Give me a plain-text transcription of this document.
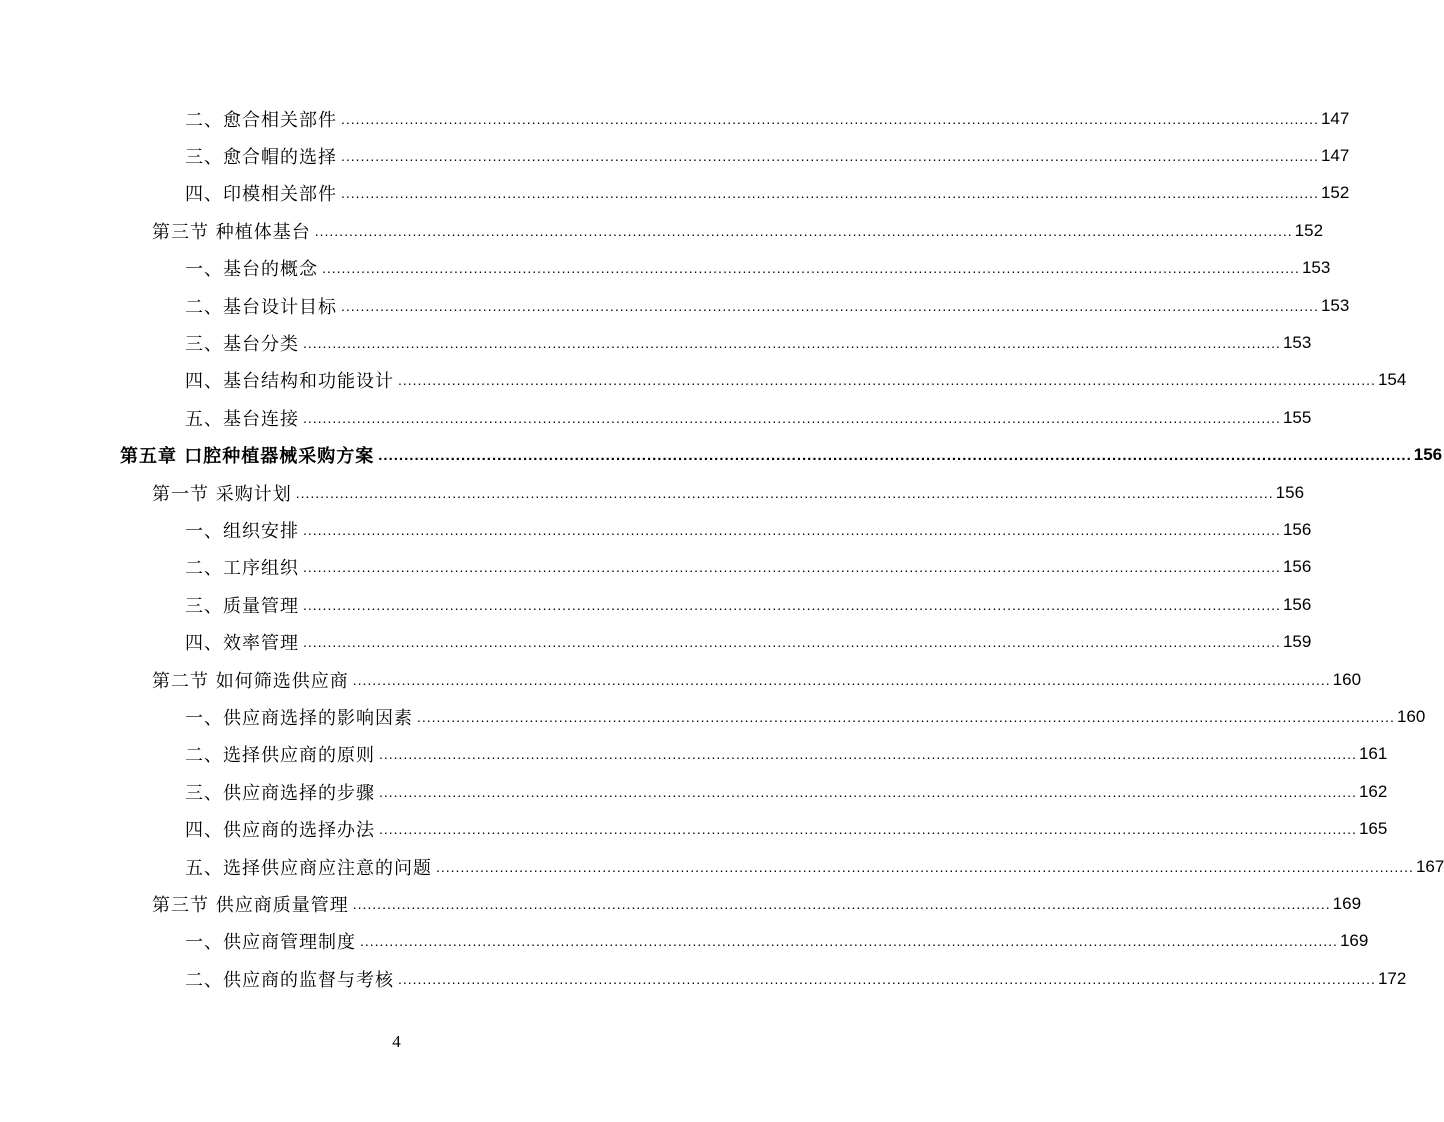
二、愈合相关部件 ........................................................................................................................................................................................................ 147
三、愈合帽的选择 ........................................................................................................................................................................................................ 147
四、印模相关部件 ........................................................................................................................................................................................................ 152
第三节 种植体基台 ........................................................................................................................................................................................................ 152
一、基台的概念 ........................................................................................................................................................................................................ 153
二、基台设计目标 ........................................................................................................................................................................................................ 153
三、基台分类 ........................................................................................................................................................................................................ 153
四、基台结构和功能设计 ........................................................................................................................................................................................................ 154
五、基台连接 ........................................................................................................................................................................................................ 155
第五章 口腔种植器械采购方案 ........................................................................................................................................................................................................ 156
第一节 采购计划 ........................................................................................................................................................................................................ 156
一、组织安排 ........................................................................................................................................................................................................ 156
二、工序组织 ........................................................................................................................................................................................................ 156
三、质量管理 ........................................................................................................................................................................................................ 156
四、效率管理 ........................................................................................................................................................................................................ 159
第二节 如何筛选供应商 ........................................................................................................................................................................................................ 160
一、供应商选择的影响因素 ........................................................................................................................................................................................................ 160
二、选择供应商的原则 ........................................................................................................................................................................................................ 161
三、供应商选择的步骤 ........................................................................................................................................................................................................ 162
四、供应商的选择办法 ........................................................................................................................................................................................................ 165
五、选择供应商应注意的问题 ........................................................................................................................................................................................................ 167
第三节 供应商质量管理 ........................................................................................................................................................................................................ 169
一、供应商管理制度 ........................................................................................................................................................................................................ 169
二、供应商的监督与考核 ........................................................................................................................................................................................................ 172
4
